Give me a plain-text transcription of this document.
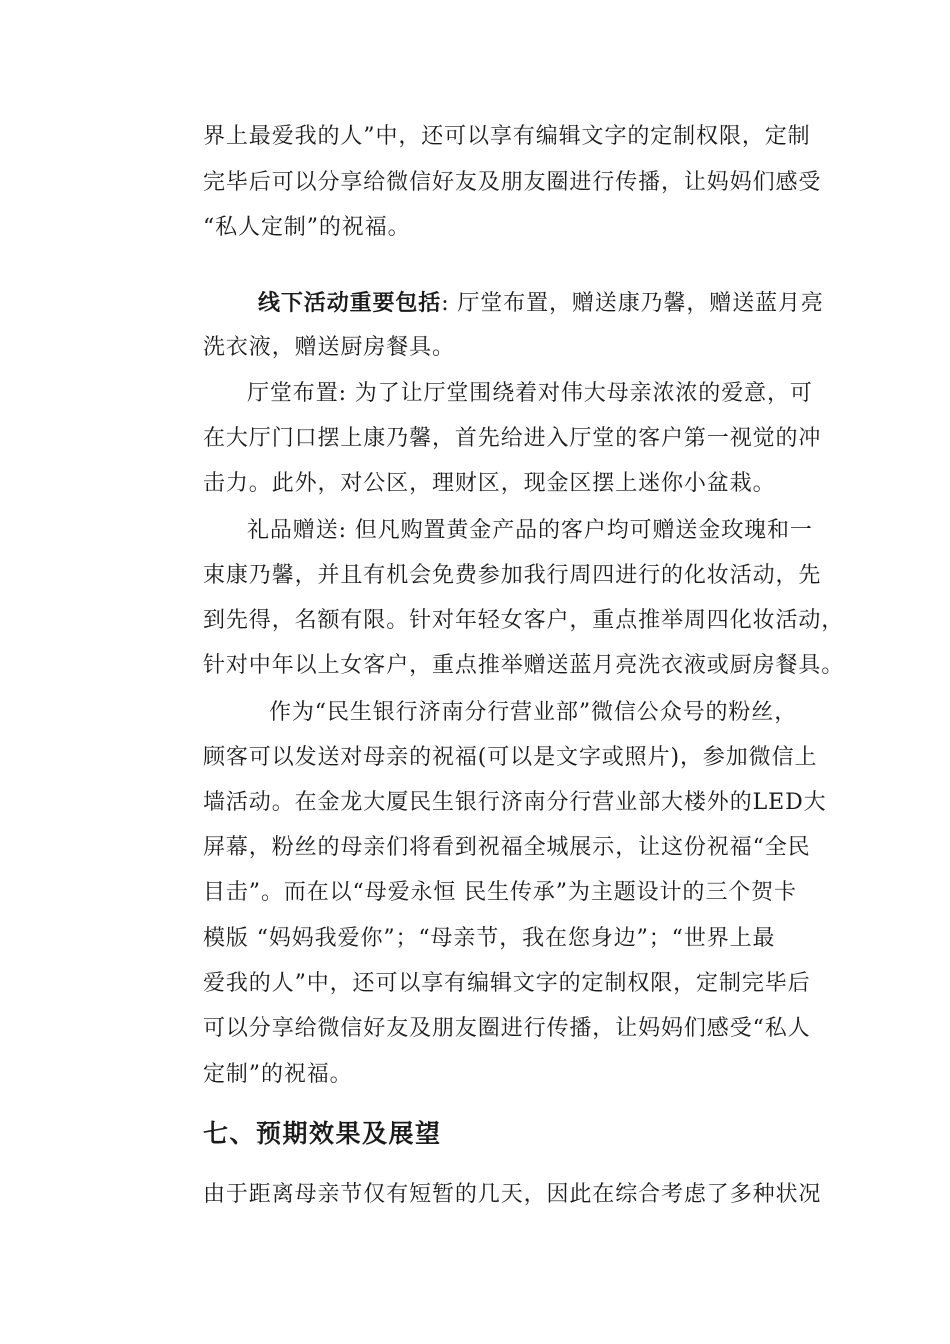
界上最爱我的人”中，还可以享有编辑文字的定制权限，定制
完毕后可以分享给微信好友及朋友圈进行传播，让妈妈们感受
“私人定制”的祝福。
线下活动重要包括: 厅堂布置，赠送康乃馨，赠送蓝月亮
洗衣液，赠送厨房餐具。
厅堂布置: 为了让厅堂围绕着对伟大母亲浓浓的爱意，可
在大厅门口摆上康乃馨，首先给进入厅堂的客户第一视觉的冲
击力。此外，对公区，理财区，现金区摆上迷你小盆栽。
礼品赠送: 但凡购置黄金产品的客户均可赠送金玫瑰和一
束康乃馨，并且有机会免费参加我行周四进行的化妆活动，先
到先得，名额有限。针对年轻女客户，重点推举周四化妆活动，
针对中年以上女客户，重点推举赠送蓝月亮洗衣液或厨房餐具。
作为“民生银行济南分行营业部”微信公众号的粉丝，
顾客可以发送对母亲的祝福(可以是文字或照片)，参加微信上
墙活动。在金龙大厦民生银行济南分行营业部大楼外的LED大
屏幕，粉丝的母亲们将看到祝福全城展示，让这份祝福“全民
目击”。而在以“母爱永恒 民生传承”为主题设计的三个贺卡
模版 “妈妈我爱你”；“母亲节，我在您身边”；“世界上最
爱我的人”中，还可以享有编辑文字的定制权限，定制完毕后
可以分享给微信好友及朋友圈进行传播，让妈妈们感受“私人
定制”的祝福。
七、预期效果及展望
由于距离母亲节仅有短暂的几天，因此在综合考虑了多种状况
